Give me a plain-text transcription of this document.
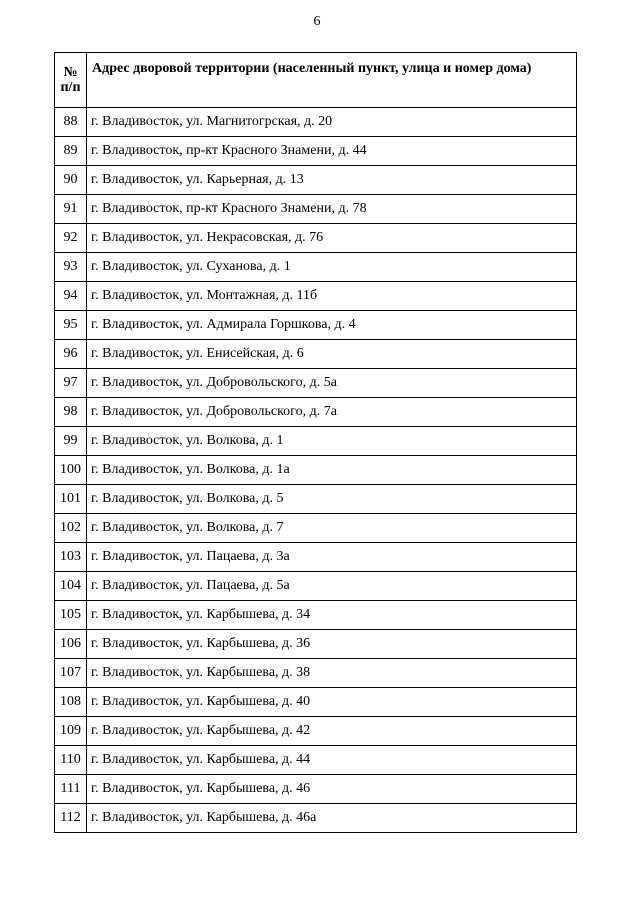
6
№
п/п	Адрес дворовой территории (населенный пункт, улица и номер дома)
88	г. Владивосток, ул. Магнитогрская, д. 20
89	г. Владивосток, пр-кт Красного Знамени, д. 44
90	г. Владивосток, ул. Карьерная, д. 13
91	г. Владивосток, пр-кт Красного Знамени, д. 78
92	г. Владивосток, ул. Некрасовская, д. 76
93	г. Владивосток, ул. Суханова, д. 1
94	г. Владивосток, ул. Монтажная, д. 11б
95	г. Владивосток, ул. Адмирала Горшкова, д. 4
96	г. Владивосток, ул. Енисейская, д. 6
97	г. Владивосток, ул. Добровольского, д. 5а
98	г. Владивосток, ул. Добровольского, д. 7а
99	г. Владивосток, ул. Волкова, д. 1
100	г. Владивосток, ул. Волкова, д. 1а
101	г. Владивосток, ул. Волкова, д. 5
102	г. Владивосток, ул. Волкова, д. 7
103	г. Владивосток, ул. Пацаева, д. 3а
104	г. Владивосток, ул. Пацаева, д. 5а
105	г. Владивосток, ул. Карбышева, д. 34
106	г. Владивосток, ул. Карбышева, д. 36
107	г. Владивосток, ул. Карбышева, д. 38
108	г. Владивосток, ул. Карбышева, д. 40
109	г. Владивосток, ул. Карбышева, д. 42
110	г. Владивосток, ул. Карбышева, д. 44
111	г. Владивосток, ул. Карбышева, д. 46
112	г. Владивосток, ул. Карбышева, д. 46а
